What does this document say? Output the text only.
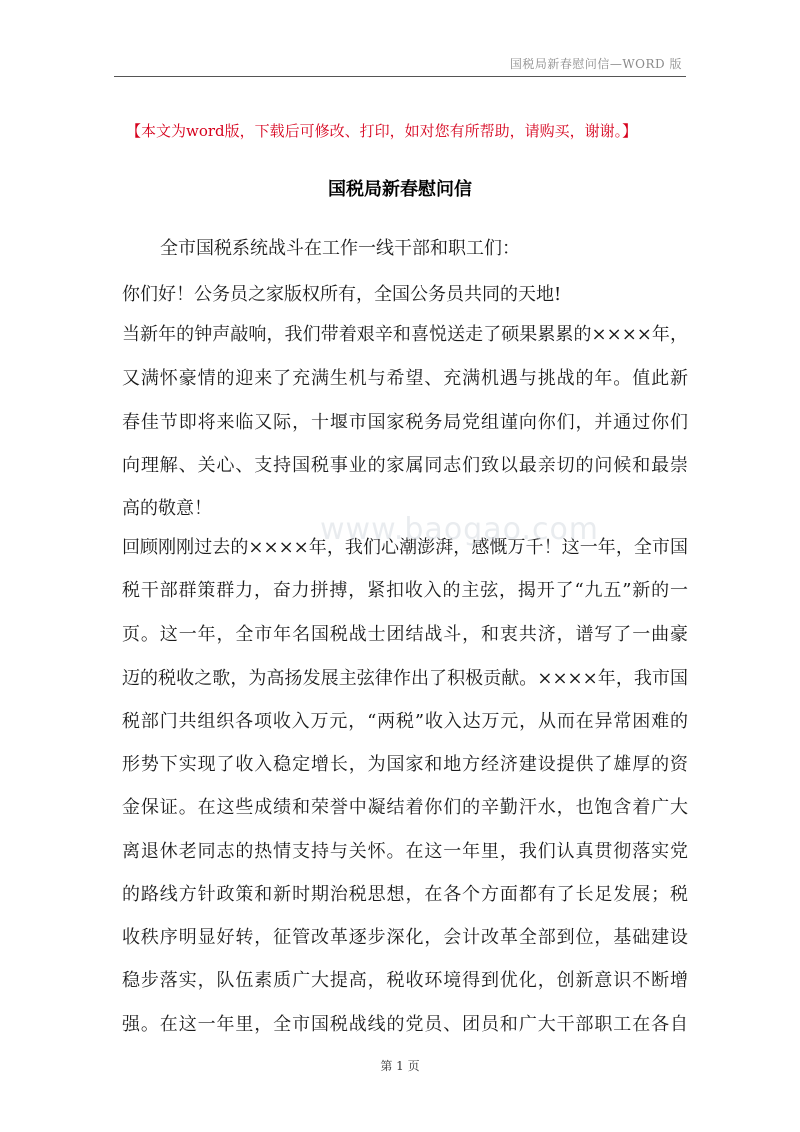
国税局新春慰问信—WORD 版
【本文为word版，下载后可修改、打印，如对您有所帮助，请购买，谢谢。】
国税局新春慰问信
全市国税系统战斗在工作一线干部和职工们：
你们好！公务员之家版权所有，全国公务员共同的天地!
当新年的钟声敲响，我们带着艰辛和喜悦送走了硕果累累的××××年，
又满怀豪情的迎来了充满生机与希望、充满机遇与挑战的年。值此新
春佳节即将来临又际，十堰市国家税务局党组谨向你们，并通过你们
向理解、关心、支持国税事业的家属同志们致以最亲切的问候和最崇
高的敬意！
回顾刚刚过去的××××年，我们心潮澎湃，感慨万千！这一年，全市国
税干部群策群力，奋力拼搏，紧扣收入的主弦，揭开了“九五”新的一
页。这一年，全市年名国税战士团结战斗，和衷共济，谱写了一曲豪
迈的税收之歌，为高扬发展主弦律作出了积极贡献。××××年，我市国
税部门共组织各项收入万元，“两税”收入达万元，从而在异常困难的
形势下实现了收入稳定增长，为国家和地方经济建设提供了雄厚的资
金保证。在这些成绩和荣誉中凝结着你们的辛勤汗水，也饱含着广大
离退休老同志的热情支持与关怀。在这一年里，我们认真贯彻落实党
的路线方针政策和新时期治税思想，在各个方面都有了长足发展；税
收秩序明显好转，征管改革逐步深化，会计改革全部到位，基础建设
稳步落实，队伍素质广大提高，税收环境得到优化，创新意识不断增
强。在这一年里，全市国税战线的党员、团员和广大干部职工在各自
www.baogao.com
第 1 页
